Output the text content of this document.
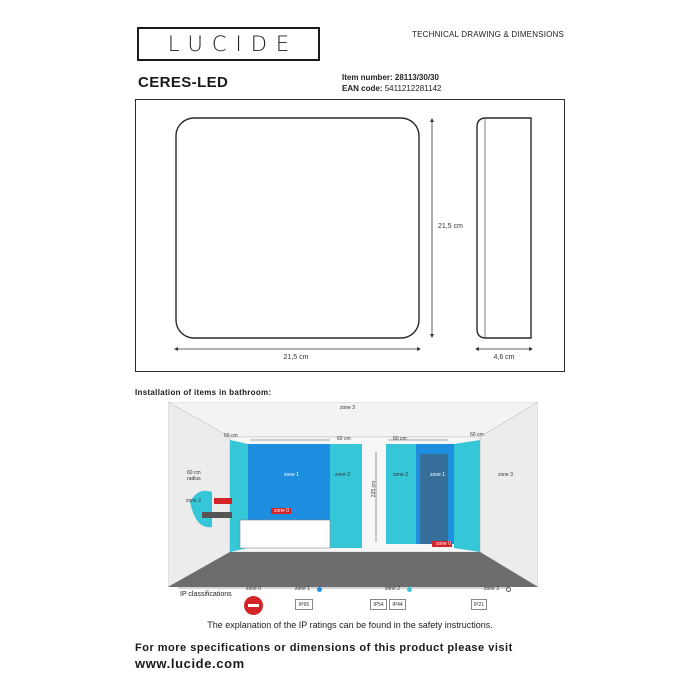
LUCIDE	TECHNICAL DRAWING & DIMENSIONS
CERES-LED	Item number: 28113/30/30
EAN code: 5411212281142
21,5 cm
21,5 cm
4,6 cm
Installation of items in bathroom:
zone 3
60 cm	60 cm	60 cm
60 cm
60 cm
radius
zone 2
zone 1	zone 2	zone 2	zone 1	zone 3
225 cm
zone 0
zone 0
IP classifications
zone 0	zone 1
IP65
zone 2
IP54	IP44
zone 3
IP21
The explanation of the IP ratings can be found in the safety instructions.
For more specifications or dimensions of this product please visit
www.lucide.com
